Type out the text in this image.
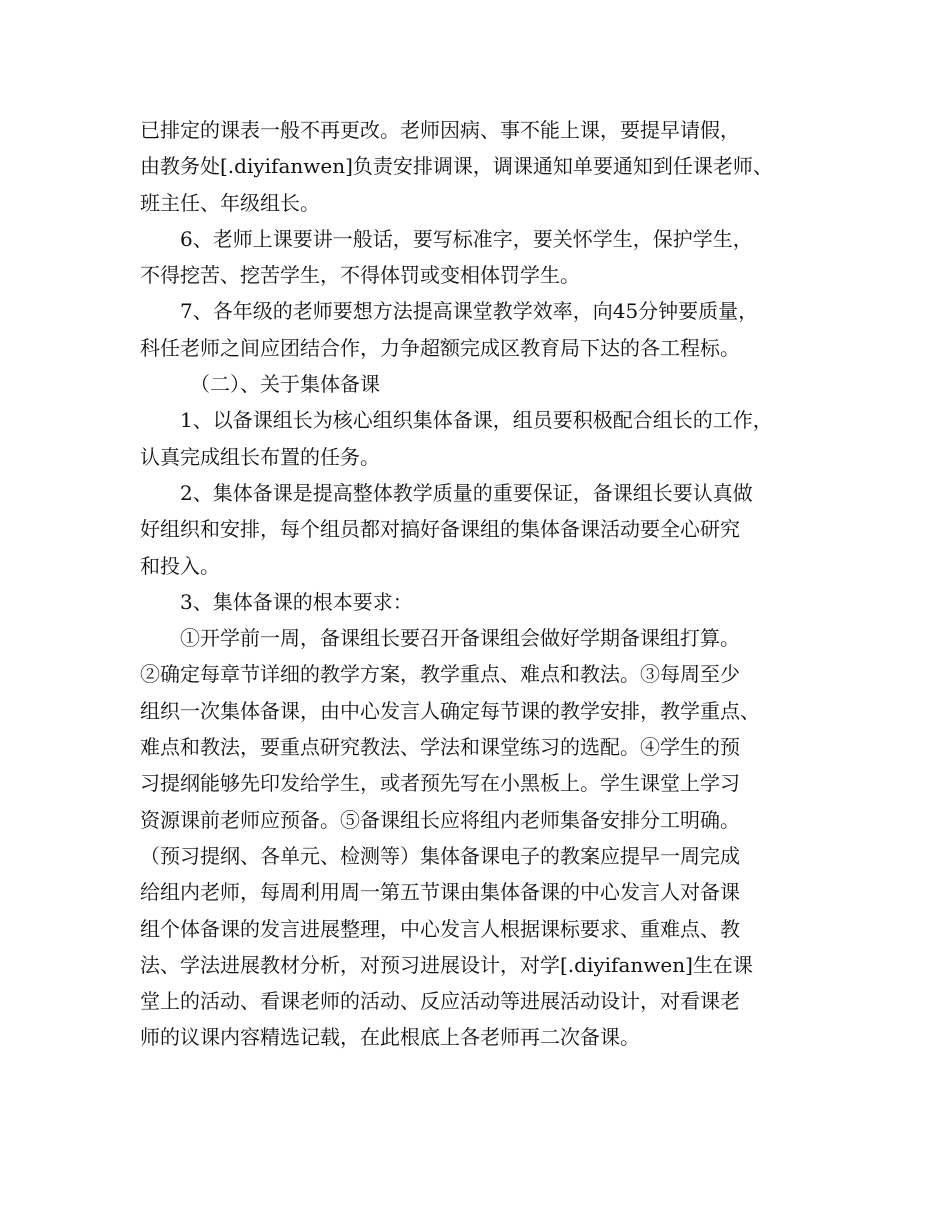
已排定的课表一般不再更改。老师因病、事不能上课，要提早请假，
由教务处[.diyifanwen]负责安排调课，调课通知单要通知到任课老师、
班主任、年级组长。
6、老师上课要讲一般话，要写标准字，要关怀学生，保护学生，
不得挖苦、挖苦学生，不得体罚或变相体罚学生。
7、各年级的老师要想方法提高课堂教学效率，向45分钟要质量，
科任老师之间应团结合作，力争超额完成区教育局下达的各工程标。
（二）、关于集体备课
1、以备课组长为核心组织集体备课，组员要积极配合组长的工作，
认真完成组长布置的任务。
2、集体备课是提高整体教学质量的重要保证，备课组长要认真做
好组织和安排，每个组员都对搞好备课组的集体备课活动要全心研究
和投入。
3、集体备课的根本要求：
①开学前一周，备课组长要召开备课组会做好学期备课组打算。
②确定每章节详细的教学方案，教学重点、难点和教法。③每周至少
组织一次集体备课，由中心发言人确定每节课的教学安排，教学重点、
难点和教法，要重点研究教法、学法和课堂练习的选配。④学生的预
习提纲能够先印发给学生，或者预先写在小黑板上。学生课堂上学习
资源课前老师应预备。⑤备课组长应将组内老师集备安排分工明确。
（预习提纲、各单元、检测等）集体备课电子的教案应提早一周完成
给组内老师，每周利用周一第五节课由集体备课的中心发言人对备课
组个体备课的发言进展整理，中心发言人根据课标要求、重难点、教
法、学法进展教材分析，对预习进展设计，对学[.diyifanwen]生在课
堂上的活动、看课老师的活动、反应活动等进展活动设计，对看课老
师的议课内容精选记载，在此根底上各老师再二次备课。
